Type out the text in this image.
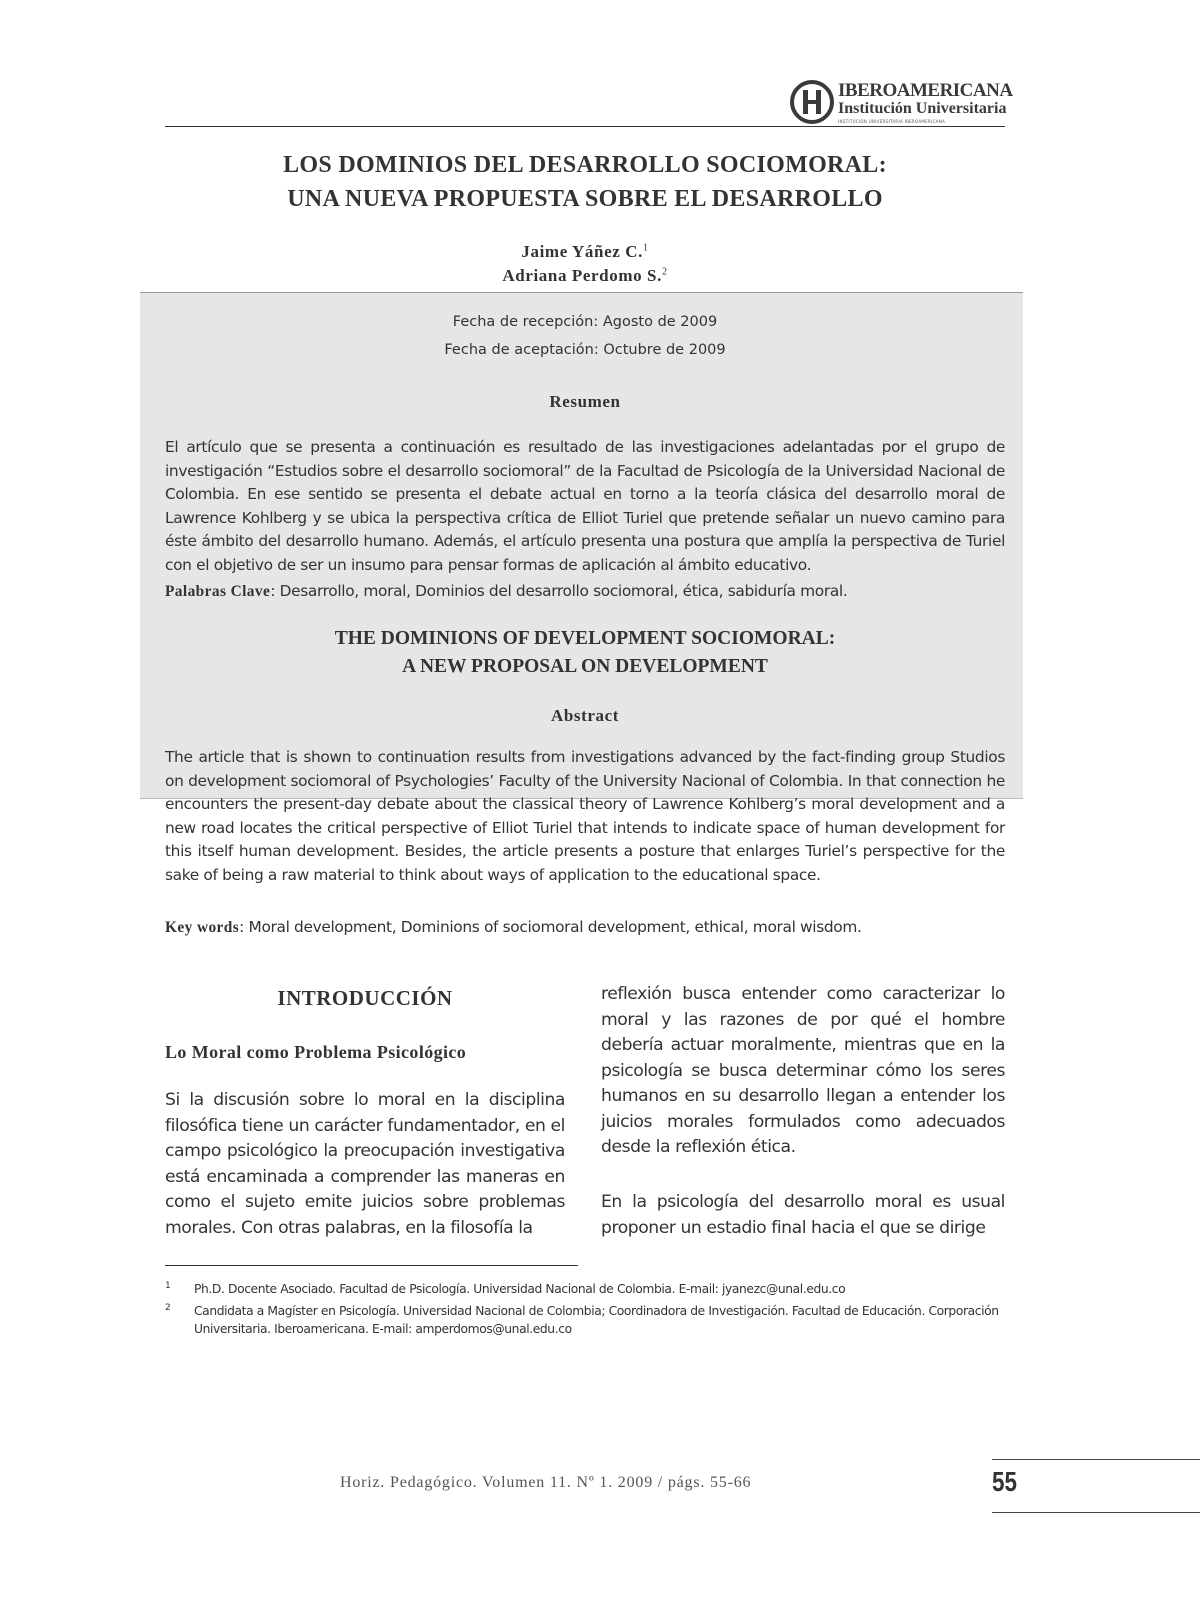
IBEROAMERICANA
Institución Universitaria
INSTITUCIÓN UNIVERSITARIA IBEROAMERICANA
LOS DOMINIOS DEL DESARROLLO SOCIOMORAL:
UNA NUEVA PROPUESTA SOBRE EL DESARROLLO
Jaime Yáñez C.$^1$
Adriana Perdomo S.$^2$
Fecha de recepción: Agosto de 2009
Fecha de aceptación: Octubre de 2009
Resumen
El artículo que se presenta a continuación es resultado de las investigaciones adelantadas por el grupo de investigación “Estudios sobre el desarrollo sociomoral” de la Facultad de Psicología de la Universidad Nacional de Colombia. En ese sentido se presenta el debate actual en torno a la teoría clásica del desarrollo moral de Lawrence Kohlberg y se ubica la perspectiva crítica de Elliot Turiel que pretende señalar un nuevo camino para éste ámbito del desarrollo humano. Además, el artículo presenta una postura que amplía la perspectiva de Turiel con el objetivo de ser un insumo para pensar formas de aplicación al ámbito educativo.
Palabras Clave: Desarrollo, moral, Dominios del desarrollo sociomoral, ética, sabiduría moral.
THE DOMINIONS OF DEVELOPMENT SOCIOMORAL:
A NEW PROPOSAL ON DEVELOPMENT
Abstract
The article that is shown to continuation results from investigations advanced by the fact-finding group Studios on development sociomoral of Psychologies’ Faculty of the University Nacional of Colombia. In that connection he encounters the present-day debate about the classical theory of Lawrence Kohlberg’s moral development and a new road locates the critical perspective of Elliot Turiel that intends to indicate space of human development for this itself human development. Besides, the article presents a posture that enlarges Turiel’s perspective for the sake of being a raw material to think about ways of application to the educational space.
Key words: Moral development, Dominions of sociomoral development, ethical, moral wisdom.
INTRODUCCIÓN
Lo Moral como Problema Psicológico
Si la discusión sobre lo moral en la disciplina filosófica tiene un carácter fundamentador, en el campo psicológico la preocupación investigativa está encaminada a comprender las maneras en como el sujeto emite juicios sobre problemas morales. Con otras palabras, en la filosofía la
reflexión busca entender como caracterizar lo moral y las razones de por qué el hombre debería actuar moralmente, mientras que en la psicología se busca determinar cómo los seres humanos en su desarrollo llegan a entender los juicios morales formulados como adecuados desde la reflexión ética.
En la psicología del desarrollo moral es usual proponer un estadio final hacia el que se dirige
1 Ph.D. Docente Asociado. Facultad de Psicología. Universidad Nacional de Colombia. E-mail: jyanezc@unal.edu.co
2 Candidata a Magíster en Psicología. Universidad Nacional de Colombia; Coordinadora de Investigación. Facultad de Educación. Corporación Universitaria. Iberoamericana. E-mail: amperdomos@unal.edu.co
Horiz. Pedagógico. Volumen 11. Nº 1. 2009 / págs. 55-66	55
